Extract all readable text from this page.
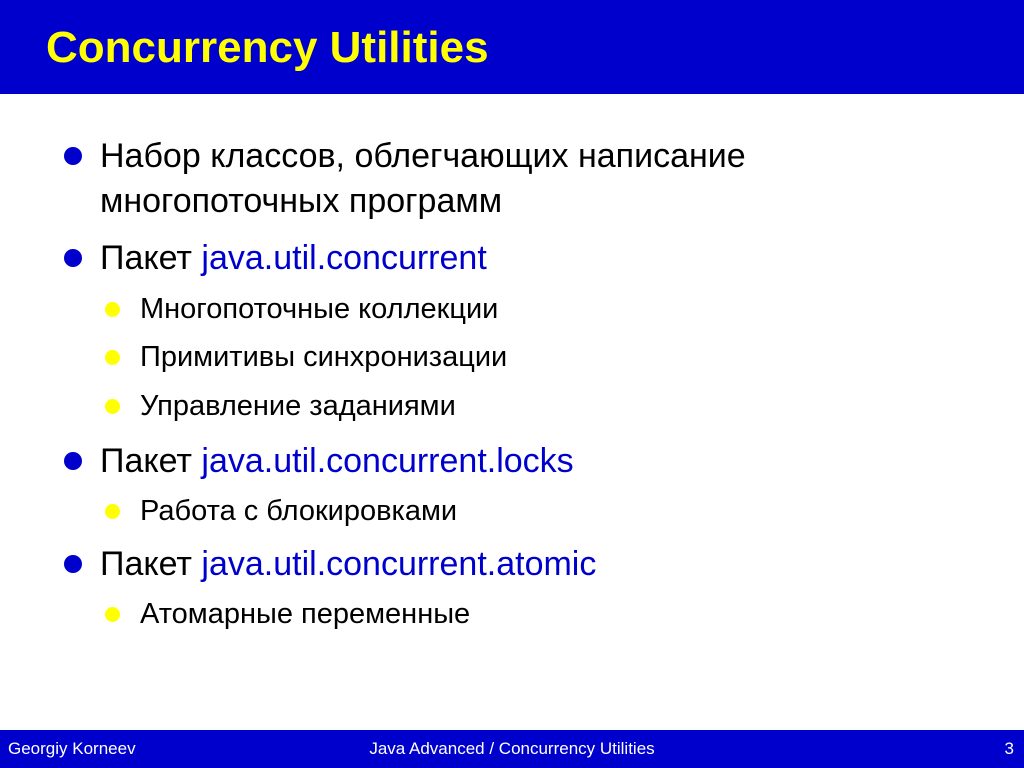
Concurrency Utilities
Набор классов, облегчающих написание
многопоточных программ
Пакет java.util.concurrent
Многопоточные коллекции
Примитивы синхронизации
Управление заданиями
Пакет java.util.concurrent.locks
Работа с блокировками
Пакет java.util.concurrent.atomic
Атомарные переменные
Georgiy Korneev	Java Advanced / Concurrency Utilities	3
